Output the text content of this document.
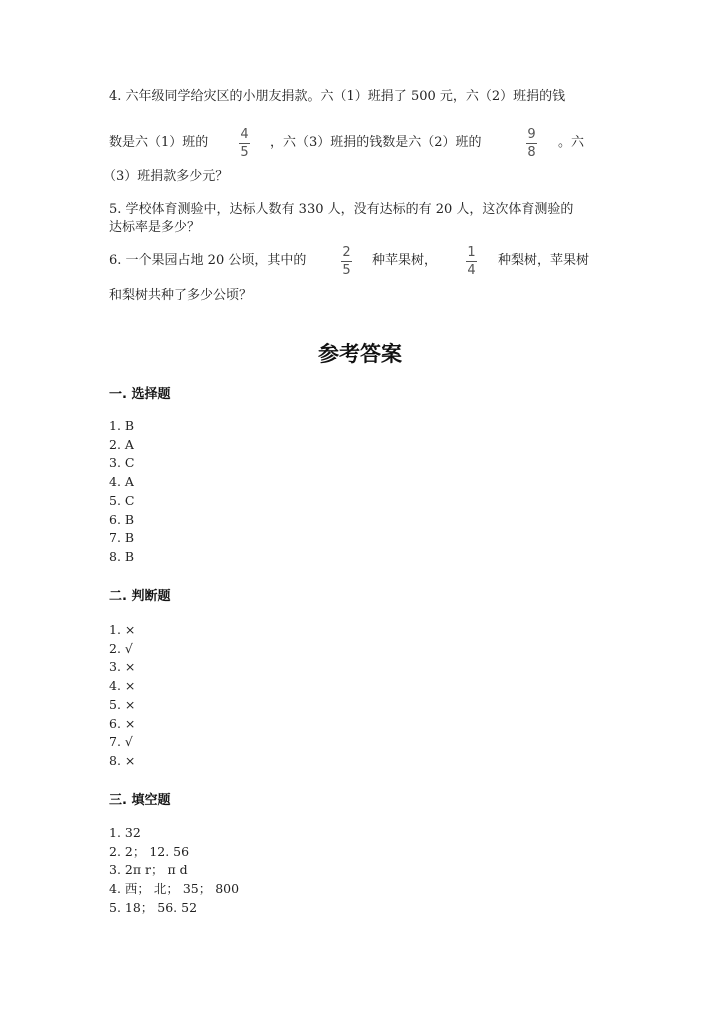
4. 六年级同学给灾区的小朋友捐款。六（1）班捐了 500 元，六（2）班捐的钱
数是六（1）班的
4
5
，六（3）班捐的钱数是六（2）班的
9
8
。六
（3）班捐款多少元？
5. 学校体育测验中，达标人数有 330 人，没有达标的有 20 人，这次体育测验的
达标率是多少？
6. 一个果园占地 20 公顷，其中的
2
5
种苹果树，
1
4
种梨树，苹果树
和梨树共种了多少公顷？
参考答案
一. 选择题
1. B
2. A
3. C
4. A
5. C
6. B
7. B
8. B
二. 判断题
1. ×
2. √
3. ×
4. ×
5. ×
6. ×
7. √
8. ×
三. 填空题
1. 32
2. 2； 12. 56
3. 2π r； π d
4. 西； 北； 35； 800
5. 18； 56. 52
